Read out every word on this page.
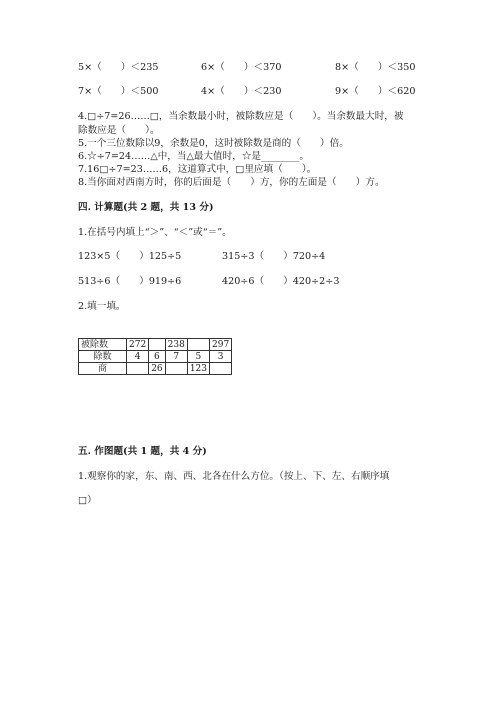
5×（　　）＜235	6×（　　）＜370	8×（　　）＜350
7×（　　）＜500	4×（　　）＜230	9×（　　）＜620
4.□÷7=26……□，当余数最小时，被除数应是（　　）。当余数最大时，被
除数应是（　　）。
5.一个三位数除以9，余数是0，这时被除数是商的（　　）倍。
6.☆÷7=24……△中，当△最大值时，☆是________。
7.16□÷7=23……6，这道算式中，□里应填（　　）。
8.当你面对西南方时，你的后面是（　　）方，你的左面是（　　）方。
四. 计算题(共 2 题，共 13 分)
1.在括号内填上“＞”、“＜”或“＝”。
123×5（　　）125÷5	315÷3（　　）720÷4
513÷6（　　）919÷6	420÷6（　　）420÷2÷3
2.填一填。
被除数	272		238		297
除数	4	6	7	5	3
商		26		123	
五. 作图题(共 1 题，共 4 分)
1.观察你的家，东、南、西、北各在什么方位。（按上、下、左、右顺序填
□）
